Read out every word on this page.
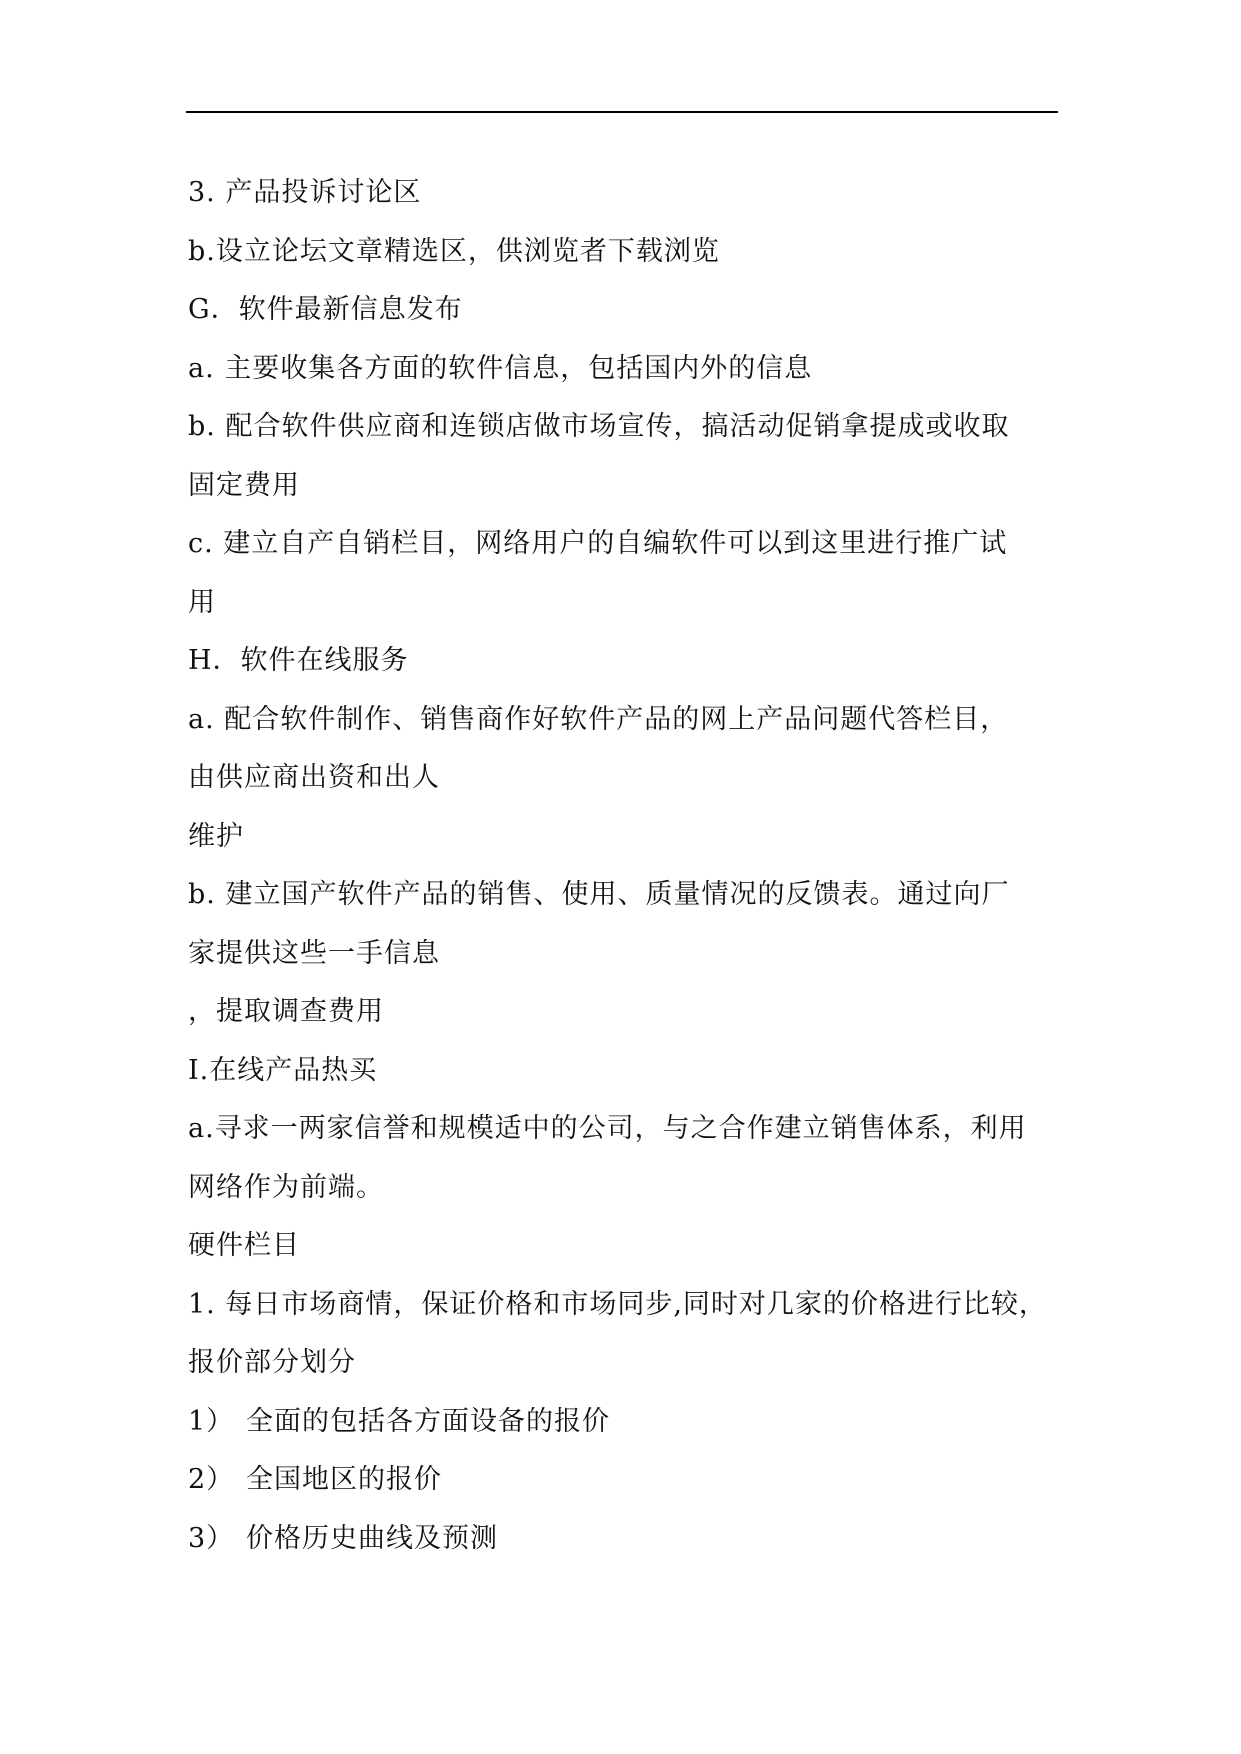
3. 产品投诉讨论区
b.设立论坛文章精选区，供浏览者下载浏览
G．软件最新信息发布
a. 主要收集各方面的软件信息，包括国内外的信息
b. 配合软件供应商和连锁店做市场宣传，搞活动促销拿提成或收取
固定费用
c. 建立自产自销栏目，网络用户的自编软件可以到这里进行推广试
用
H．软件在线服务
a. 配合软件制作、销售商作好软件产品的网上产品问题代答栏目，
由供应商出资和出人
维护
b. 建立国产软件产品的销售、使用、质量情况的反馈表。通过向厂
家提供这些一手信息
，提取调查费用
I.在线产品热买
a.寻求一两家信誉和规模适中的公司，与之合作建立销售体系，利用
网络作为前端。
硬件栏目
1. 每日市场商情，保证价格和市场同步,同时对几家的价格进行比较，
报价部分划分
1） 全面的包括各方面设备的报价
2） 全国地区的报价
3） 价格历史曲线及预测
